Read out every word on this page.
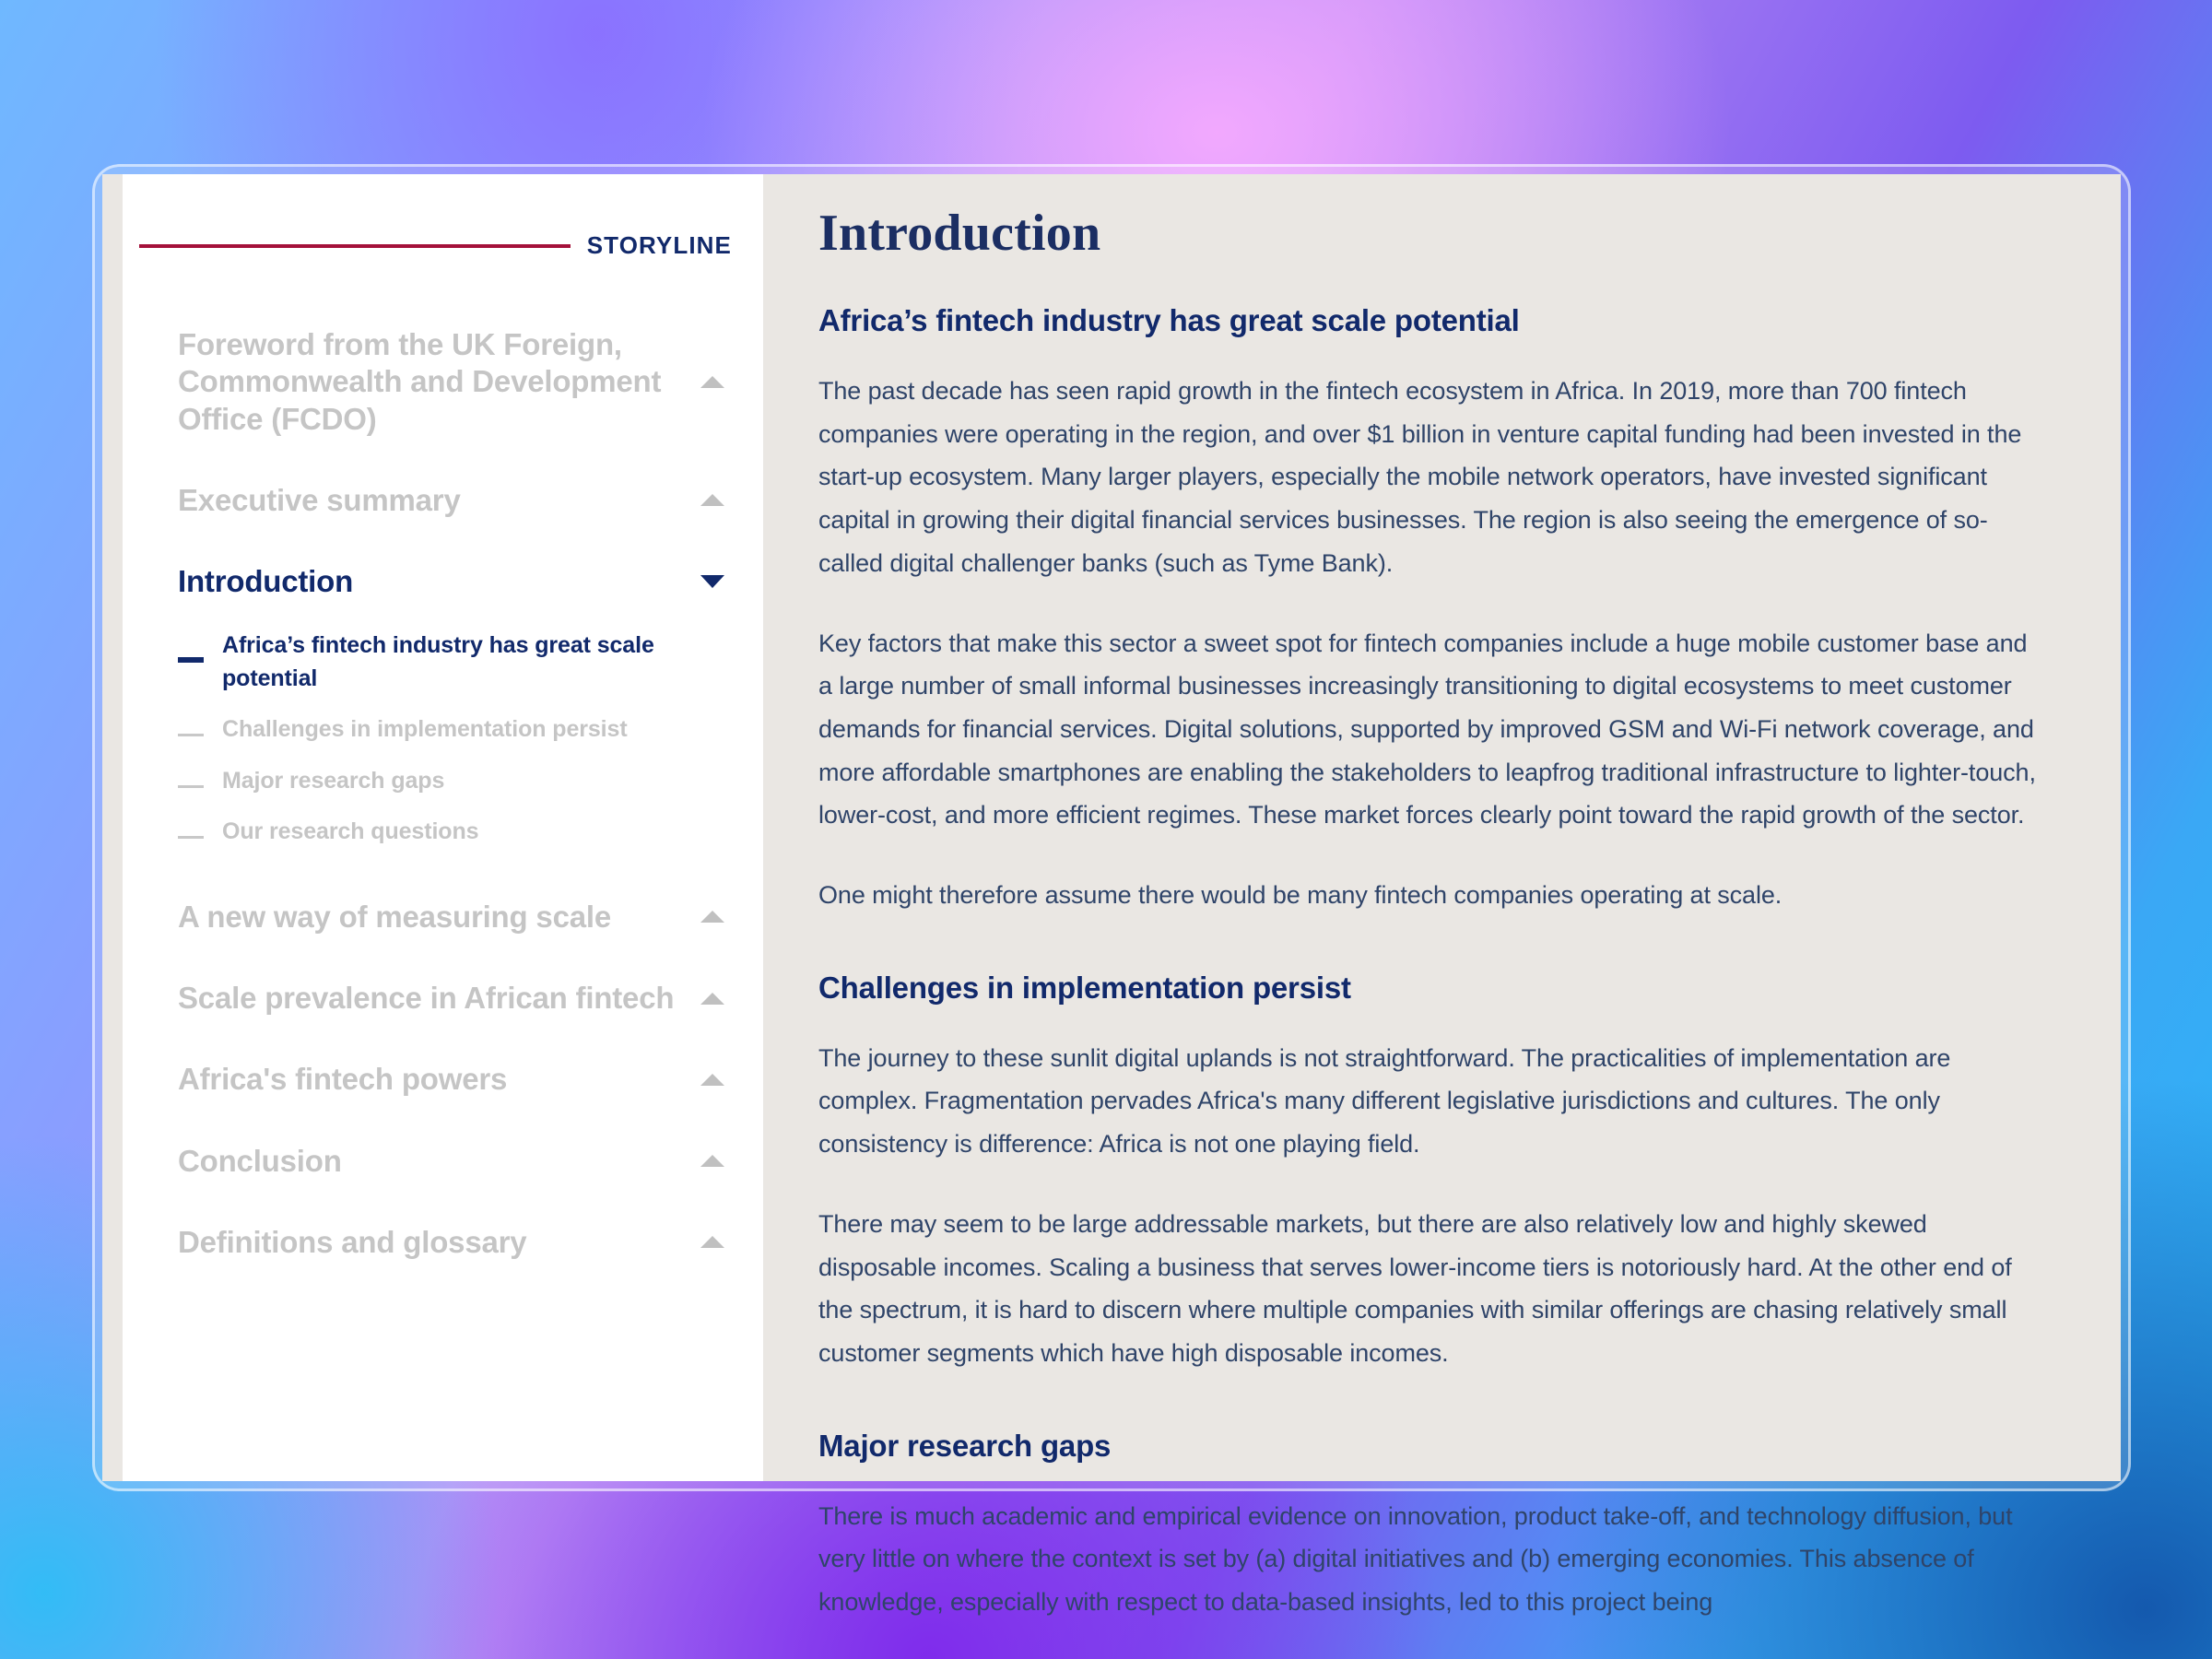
STORYLINE
Foreword from the UK Foreign, Commonwealth and Development Office (FCDO)
Executive summary
Introduction
Africa’s fintech industry has great scale potential
Challenges in implementation persist
Major research gaps
Our research questions
A new way of measuring scale
Scale prevalence in African fintech
Africa's fintech powers
Conclusion
Definitions and glossary
Introduction
Africa’s fintech industry has great scale potential

The past decade has seen rapid growth in the fintech ecosystem in Africa. In 2019, more than 700 fintech companies were operating in the region, and over $1 billion in venture capital funding had been invested in the start-up ecosystem. Many larger players, especially the mobile network operators, have invested significant capital in growing their digital financial services businesses. The region is also seeing the emergence of so-called digital challenger banks (such as Tyme Bank).

Key factors that make this sector a sweet spot for fintech companies include a huge mobile customer base and a large number of small informal businesses increasingly transitioning to digital ecosystems to meet customer demands for financial services. Digital solutions, supported by improved GSM and Wi-Fi network coverage, and more affordable smartphones are enabling the stakeholders to leapfrog traditional infrastructure to lighter-touch, lower-cost, and more efficient regimes. These market forces clearly point toward the rapid growth of the sector.

One might therefore assume there would be many fintech companies operating at scale.

Challenges in implementation persist

The journey to these sunlit digital uplands is not straightforward. The practicalities of implementation are complex. Fragmentation pervades Africa's many different legislative jurisdictions and cultures. The only consistency is difference: Africa is not one playing field.

There may seem to be large addressable markets, but there are also relatively low and highly skewed disposable incomes. Scaling a business that serves lower-income tiers is notoriously hard. At the other end of the spectrum, it is hard to discern where multiple companies with similar offerings are chasing relatively small customer segments which have high disposable incomes.

Major research gaps

There is much academic and empirical evidence on innovation, product take-off, and technology diffusion, but very little on where the context is set by (a) digital initiatives and (b) emerging economies. This absence of knowledge, especially with respect to data-based insights, led to this project being
